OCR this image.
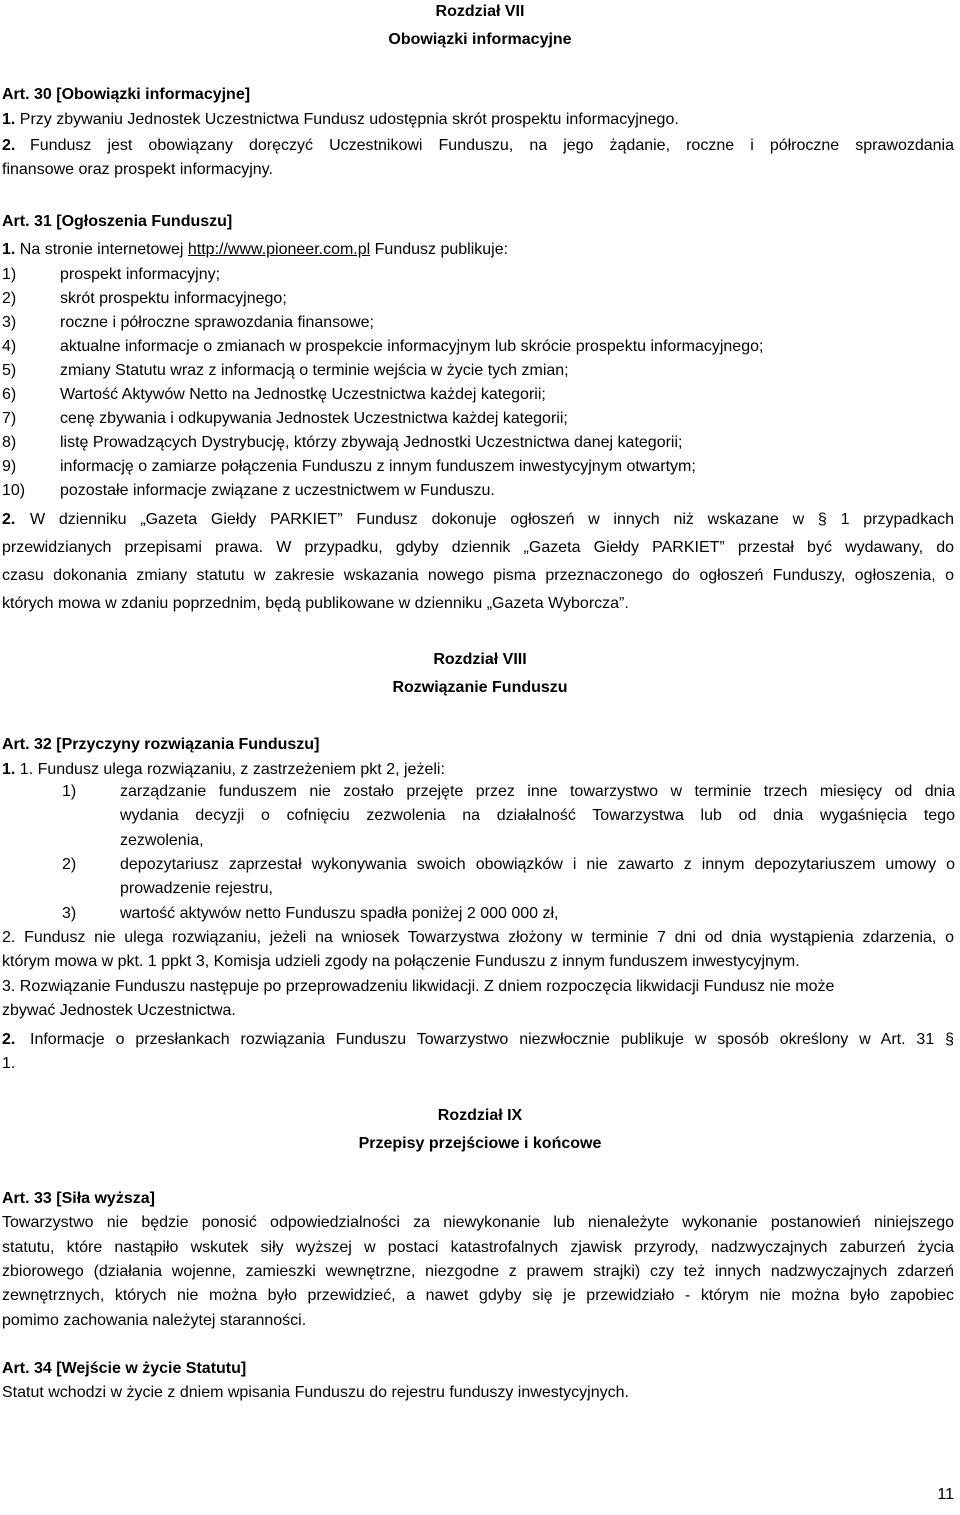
Rozdział VII
Obowiązki informacyjne
Art. 30 [Obowiązki informacyjne]
1. Przy zbywaniu Jednostek Uczestnictwa Fundusz udostępnia skrót prospektu informacyjnego.
2. Fundusz jest obowiązany doręczyć Uczestnikowi Funduszu, na jego żądanie, roczne i półroczne sprawozdania
finansowe oraz prospekt informacyjny.
Art. 31 [Ogłoszenia Funduszu]
1. Na stronie internetowej http://www.pioneer.com.pl Fundusz publikuje:
1)	prospekt informacyjny;
2)	skrót prospektu informacyjnego;
3)	roczne i półroczne sprawozdania finansowe;
4)	aktualne informacje o zmianach w prospekcie informacyjnym lub skrócie prospektu informacyjnego;
5)	zmiany Statutu wraz z informacją o terminie wejścia w życie tych zmian;
6)	Wartość Aktywów Netto na Jednostkę Uczestnictwa każdej kategorii;
7)	cenę zbywania i odkupywania Jednostek Uczestnictwa każdej kategorii;
8)	listę Prowadzących Dystrybucję, którzy zbywają Jednostki Uczestnictwa danej kategorii;
9)	informację o zamiarze połączenia Funduszu z innym funduszem inwestycyjnym otwartym;
10) pozostałe informacje związane z uczestnictwem w Funduszu.
2. W dzienniku „Gazeta Giełdy PARKIET” Fundusz dokonuje ogłoszeń w innych niż wskazane w § 1 przypadkach
przewidzianych przepisami prawa. W przypadku, gdyby dziennik „Gazeta Giełdy PARKIET” przestał być wydawany, do
czasu dokonania zmiany statutu w zakresie wskazania nowego pisma przeznaczonego do ogłoszeń Funduszy, ogłoszenia, o
których mowa w zdaniu poprzednim, będą publikowane w dzienniku „Gazeta Wyborcza”.
Rozdział VIII
Rozwiązanie Funduszu
Art. 32 [Przyczyny rozwiązania Funduszu]
1. 1. Fundusz ulega rozwiązaniu, z zastrzeżeniem pkt 2, jeżeli:
1)	zarządzanie funduszem nie zostało przejęte przez inne towarzystwo w terminie trzech miesięcy od dnia
wydania decyzji o cofnięciu zezwolenia na działalność Towarzystwa lub od dnia wygaśnięcia tego
zezwolenia,
2)	depozytariusz zaprzestał wykonywania swoich obowiązków i nie zawarto z innym depozytariuszem umowy o
prowadzenie rejestru,
3)	wartość aktywów netto Funduszu spadła poniżej 2 000 000 zł,
2. Fundusz nie ulega rozwiązaniu, jeżeli na wniosek Towarzystwa złożony w terminie 7 dni od dnia wystąpienia zdarzenia, o
którym mowa w pkt. 1 ppkt 3, Komisja udzieli zgody na połączenie Funduszu z innym funduszem inwestycyjnym.
3. Rozwiązanie Funduszu następuje po przeprowadzeniu likwidacji. Z dniem rozpoczęcia likwidacji Fundusz nie może
zbywać Jednostek Uczestnictwa.
2. Informacje o przesłankach rozwiązania Funduszu Towarzystwo niezwłocznie publikuje w sposób określony w Art. 31 §
1.
Rozdział IX
Przepisy przejściowe i końcowe
Art. 33 [Siła wyższa]
Towarzystwo nie będzie ponosić odpowiedzialności za niewykonanie lub nienależyte wykonanie postanowień niniejszego
statutu, które nastąpiło wskutek siły wyższej w postaci katastrofalnych zjawisk przyrody, nadzwyczajnych zaburzeń życia
zbiorowego (działania wojenne, zamieszki wewnętrzne, niezgodne z prawem strajki) czy też innych nadzwyczajnych zdarzeń
zewnętrznych, których nie można było przewidzieć, a nawet gdyby się je przewidziało - którym nie można było zapobiec
pomimo zachowania należytej staranności.
Art. 34 [Wejście w życie Statutu]
Statut wchodzi w życie z dniem wpisania Funduszu do rejestru funduszy inwestycyjnych.
11
